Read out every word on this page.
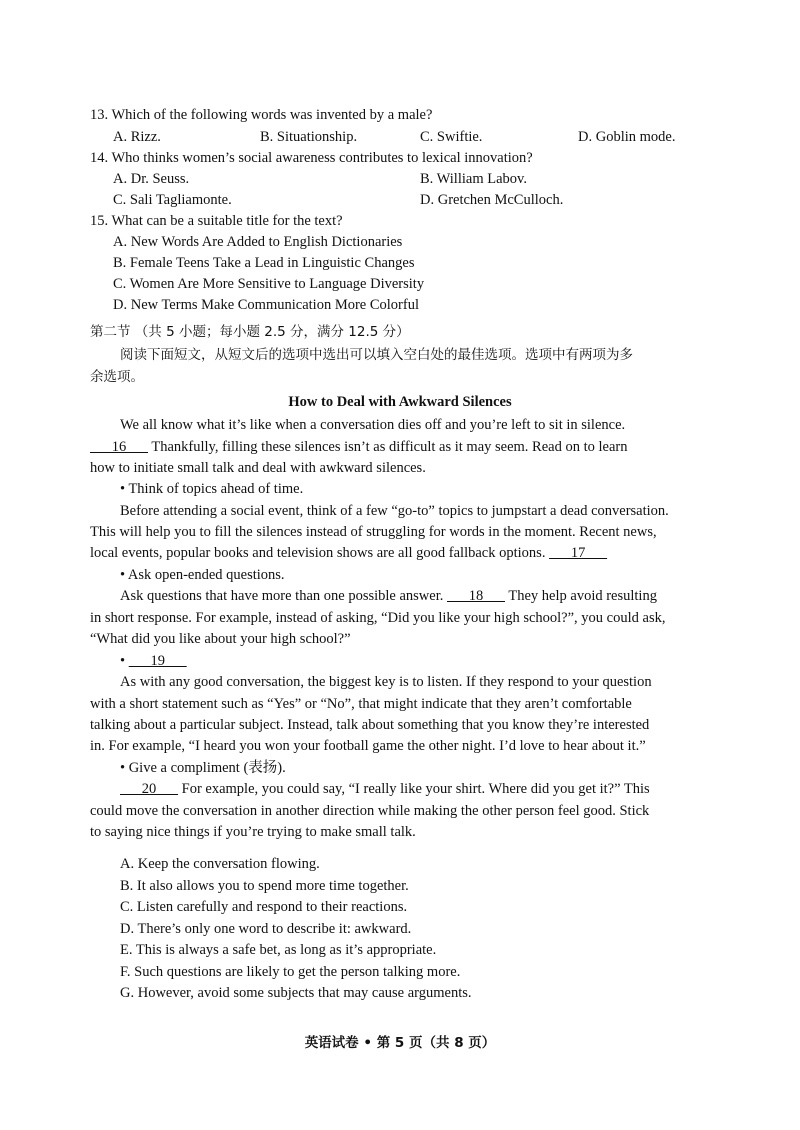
13. Which of the following words was invented by a male?
A. Rizz.	B. Situationship.	C. Swiftie.	D. Goblin mode.
14. Who thinks women’s social awareness contributes to lexical innovation?
A. Dr. Seuss.	B. William Labov.
C. Sali Tagliamonte.	D. Gretchen McCulloch.
15. What can be a suitable title for the text?
A. New Words Are Added to English Dictionaries
B. Female Teens Take a Lead in Linguistic Changes
C. Women Are More Sensitive to Language Diversity
D. New Terms Make Communication More Colorful
第二节 （共 5 小题；每小题 2.5 分，满分 12.5 分）
阅读下面短文，从短文后的选项中选出可以填入空白处的最佳选项。选项中有两项为多
余选项。
How to Deal with Awkward Silences
We all know what it’s like when a conversation dies off and you’re left to sit in silence.
16       Thankfully, filling these silences isn’t as difficult as it may seem. Read on to learn
how to initiate small talk and deal with awkward silences.
• Think of topics ahead of time.
Before attending a social event, think of a few “go-to” topics to jumpstart a dead conversation.
This will help you to fill the silences instead of struggling for words in the moment. Recent news,
local events, popular books and television shows are all good fallback options.       17
• Ask open-ended questions.
Ask questions that have more than one possible answer.       18       They help avoid resulting
in short response. For example, instead of asking, “Did you like your high school?”, you could ask,
“What did you like about your high school?”
•       19
As with any good conversation, the biggest key is to listen. If they respond to your question
with a short statement such as “Yes” or “No”, that might indicate that they aren’t comfortable
talking about a particular subject. Instead, talk about something that you know they’re interested
in. For example, “I heard you won your football game the other night. I’d love to hear about it.”
• Give a compliment (表扬).
20       For example, you could say, “I really like your shirt. Where did you get it?” This
could move the conversation in another direction while making the other person feel good. Stick
to saying nice things if you’re trying to make small talk.
A. Keep the conversation flowing.
B. It also allows you to spend more time together.
C. Listen carefully and respond to their reactions.
D. There’s only one word to describe it: awkward.
E. This is always a safe bet, as long as it’s appropriate.
F. Such questions are likely to get the person talking more.
G. However, avoid some subjects that may cause arguments.
英语试卷 • 第 5 页（共 8 页）
